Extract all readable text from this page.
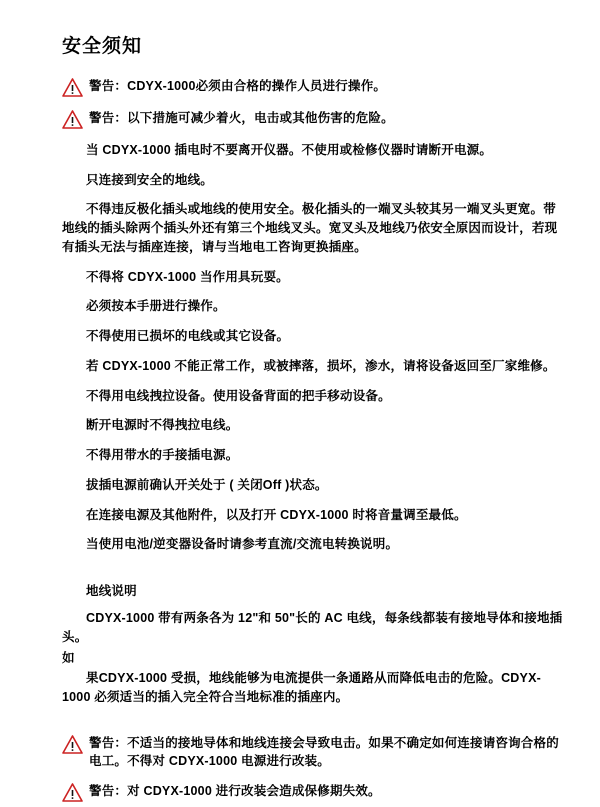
安全须知
警告：CDYX-1000必须由合格的操作人员进行操作。
警告：以下措施可减少着火，电击或其他伤害的危险。

当 CDYX-1000 插电时不要离开仪器。不使用或检修仪器时请断开电源。

只连接到安全的地线。

不得违反极化插头或地线的使用安全。极化插头的一端叉头较其另一端叉头更宽。带地线的插头除两个插头外还有第三个地线叉头。宽叉头及地线乃依安全原因而设计，若现有插头无法与插座连接，请与当地电工咨询更换插座。

不得将 CDYX-1000 当作用具玩耍。

必须按本手册进行操作。

不得使用已损坏的电线或其它设备。

若 CDYX-1000 不能正常工作，或被摔落，损坏，渗水，请将设备返回至厂家维修。

不得用电线拽拉设备。使用设备背面的把手移动设备。

断开电源时不得拽拉电线。

不得用带水的手接插电源。

拔插电源前确认开关处于 ( 关闭Off )状态。

在连接电源及其他附件，以及打开 CDYX-1000 时将音量调至最低。

当使用电池/逆变器设备时请参考直流/交流电转换说明。

地线说明

CDYX-1000 带有两条各为 12"和 50"长的 AC 电线，每条线都装有接地导体和接地插头。

如

果CDYX-1000 受损，地线能够为电流提供一条通路从而降低电击的危险。CDYX-1000 必须适当的插入完全符合当地标准的插座内。

警告：不适当的接地导体和地线连接会导致电击。如果不确定如何连接请咨询合格的电工。不得对 CDYX-1000 电源进行改装。
警告：对 CDYX-1000 进行改装会造成保修期失效。
